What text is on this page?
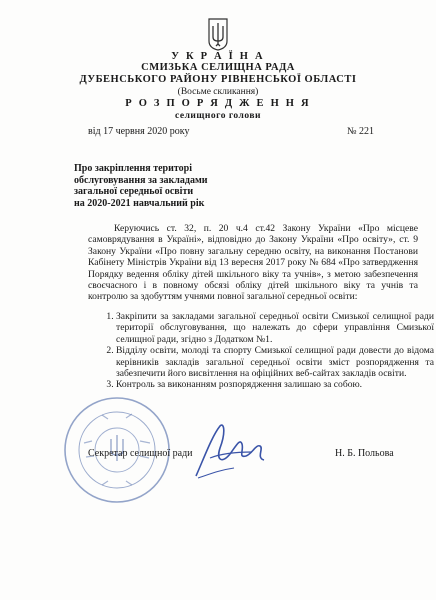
У К Р А Ї Н А
СМИЗЬКА СЕЛИЩНА РАДА
ДУБЕНСЬКОГО РАЙОНУ РІВНЕНСЬКОЇ ОБЛАСТІ
(Восьме скликання)
Р О З П О Р Я Д Ж Е Н Н Я
селищного голови
від 17 червня 2020 року	№ 221
Про закріплення територі
обслуговування за закладами
загальної середньої освіти
на 2020-2021 навчальний рік

Керуючись ст. 32, п. 20 ч.4 ст.42 Закону України «Про місцеве самоврядування в Україні», відповідно до Закону України «Про освіту», ст. 9 Закону України «Про повну загальну середню освіту, на виконання Постанови Кабінету Міністрів України від 13 вересня 2017 року № 684 «Про затвердження Порядку ведення обліку дітей шкільного віку та учнів», з метою забезпечення своєчасного і в повному обсязі обліку дітей шкільного віку та учнів та контролю за здобуттям учнями повної загальної середньої освіти:

1. Закріпити за закладами загальної середньої освіти Смизької селищної ради території обслуговування, що належать до сфери управління Смизької селищної ради, згідно з Додатком №1.
2. Відділу освіти, молоді та спорту Смизької селищної ради довести до відома керівників закладів загальної середньої освіти зміст розпорядження та забезпечити його висвітлення на офіційних веб-сайтах закладів освіти.
3. Контроль за виконанням розпорядження залишаю за собою.
Секретар селищної ради	Н. Б. Польова
